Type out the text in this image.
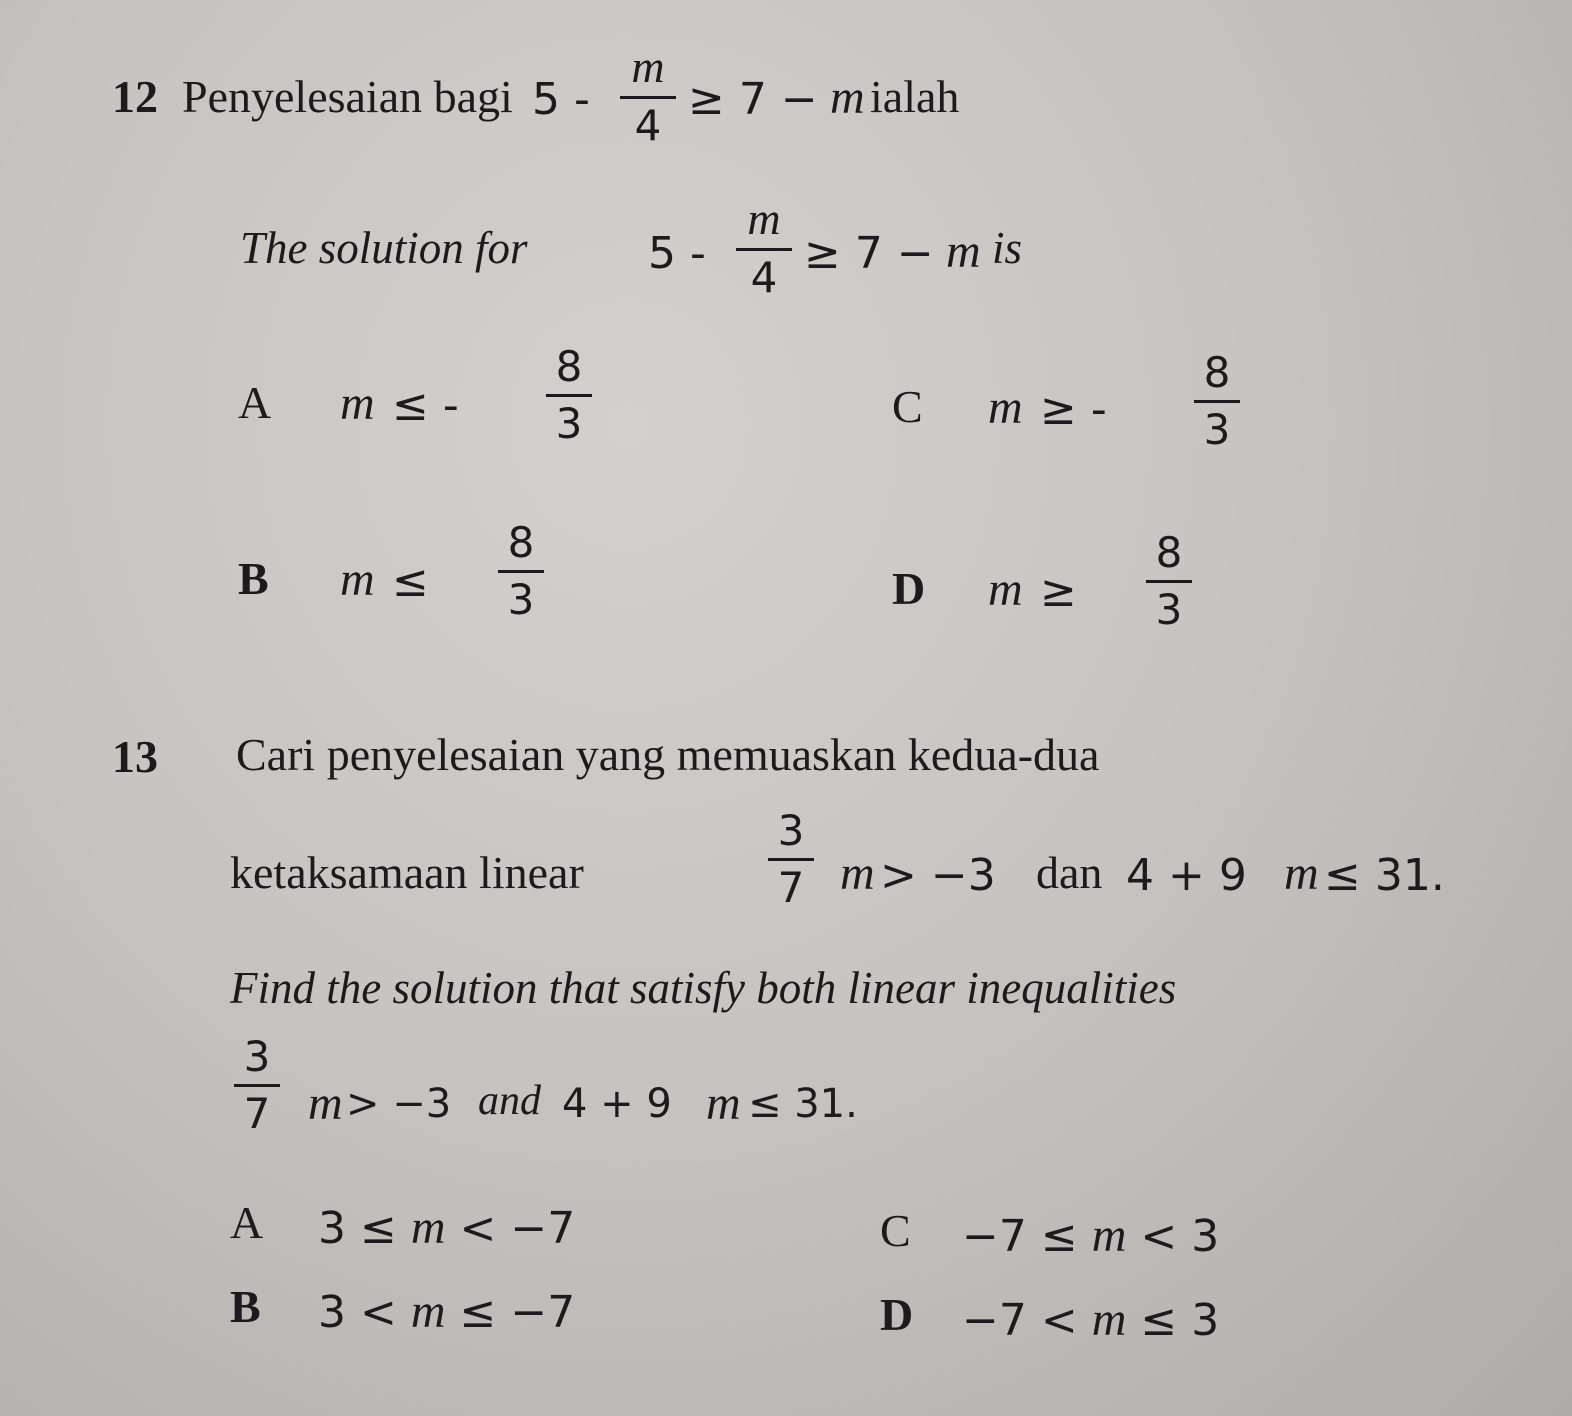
12 Penyelesaian bagi 5 -
m
4
≥ 7 − m ialah
The solution for	5 -
m
4 ≥ 7 − m is
A m ≤ -
8
3	C m ≥ -
8
3
B m ≤
8
3	D m ≥
8
3
13 Cari penyelesaian yang memuaskan kedua-dua
ketaksamaan linear
3
7 m > −3 dan 4 + 9 m ≤ 31.
Find the solution that satisfy both linear inequalities
3
7 m > −3 and 4 + 9 m ≤ 31.
A 3 ≤ m < −7	C −7 ≤ m < 3
B 3 < m ≤ −7	D −7 < m ≤ 3
